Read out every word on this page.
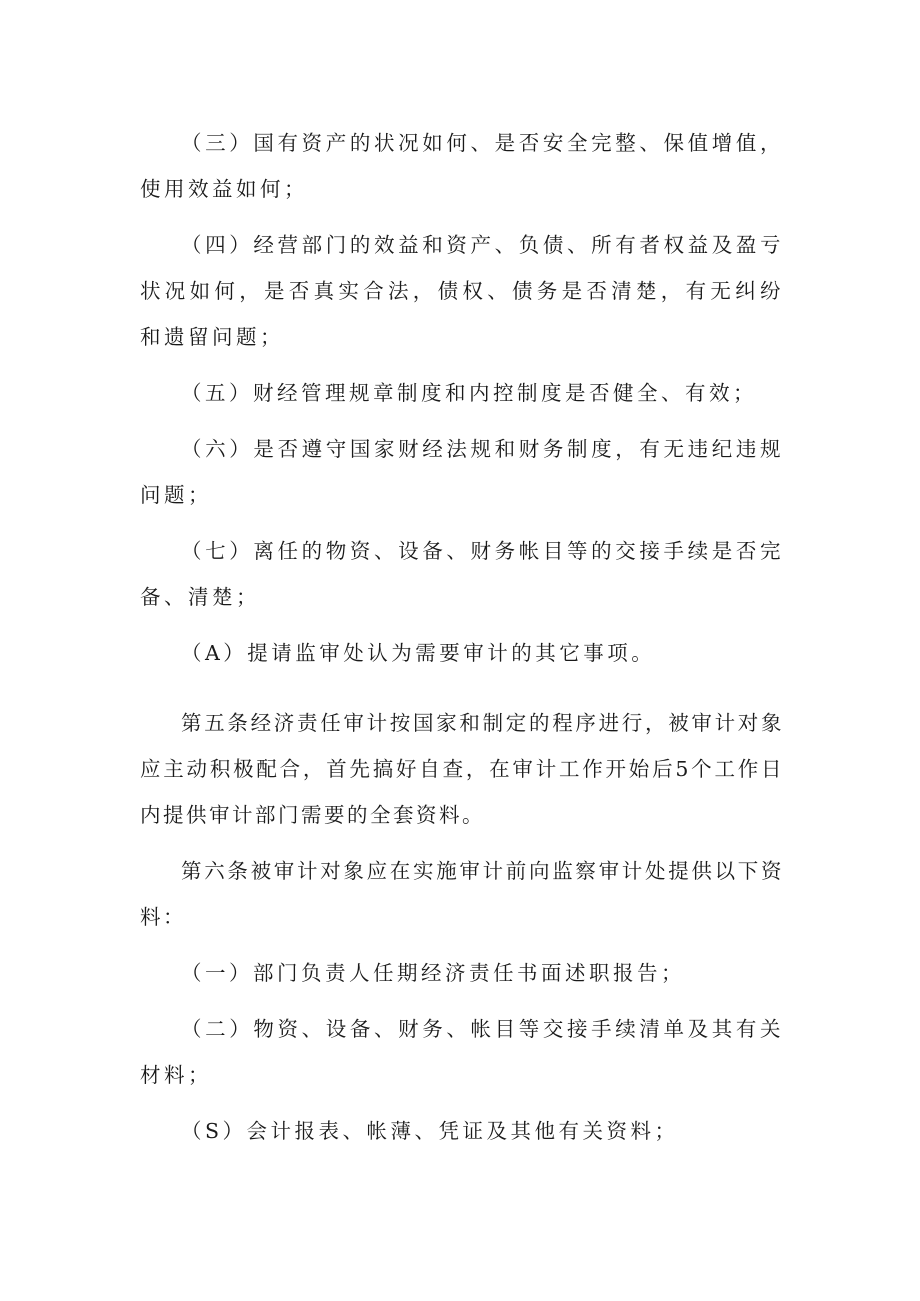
（三）国有资产的状况如何、是否安全完整、保值增值，使用效益如何；

（四）经营部门的效益和资产、负债、所有者权益及盈亏状况如何，是否真实合法，债权、债务是否清楚，有无纠纷和遗留问题；

（五）财经管理规章制度和内控制度是否健全、有效；

（六）是否遵守国家财经法规和财务制度，有无违纪违规问题；

（七）离任的物资、设备、财务帐目等的交接手续是否完备、清楚；

（A）提请监审处认为需要审计的其它事项。

第五条经济责任审计按国家和制定的程序进行，被审计对象应主动积极配合，首先搞好自查，在审计工作开始后5个工作日内提供审计部门需要的全套资料。

第六条被审计对象应在实施审计前向监察审计处提供以下资料：

（一）部门负责人任期经济责任书面述职报告；

（二）物资、设备、财务、帐目等交接手续清单及其有关材料；

（S）会计报表、帐薄、凭证及其他有关资料；
